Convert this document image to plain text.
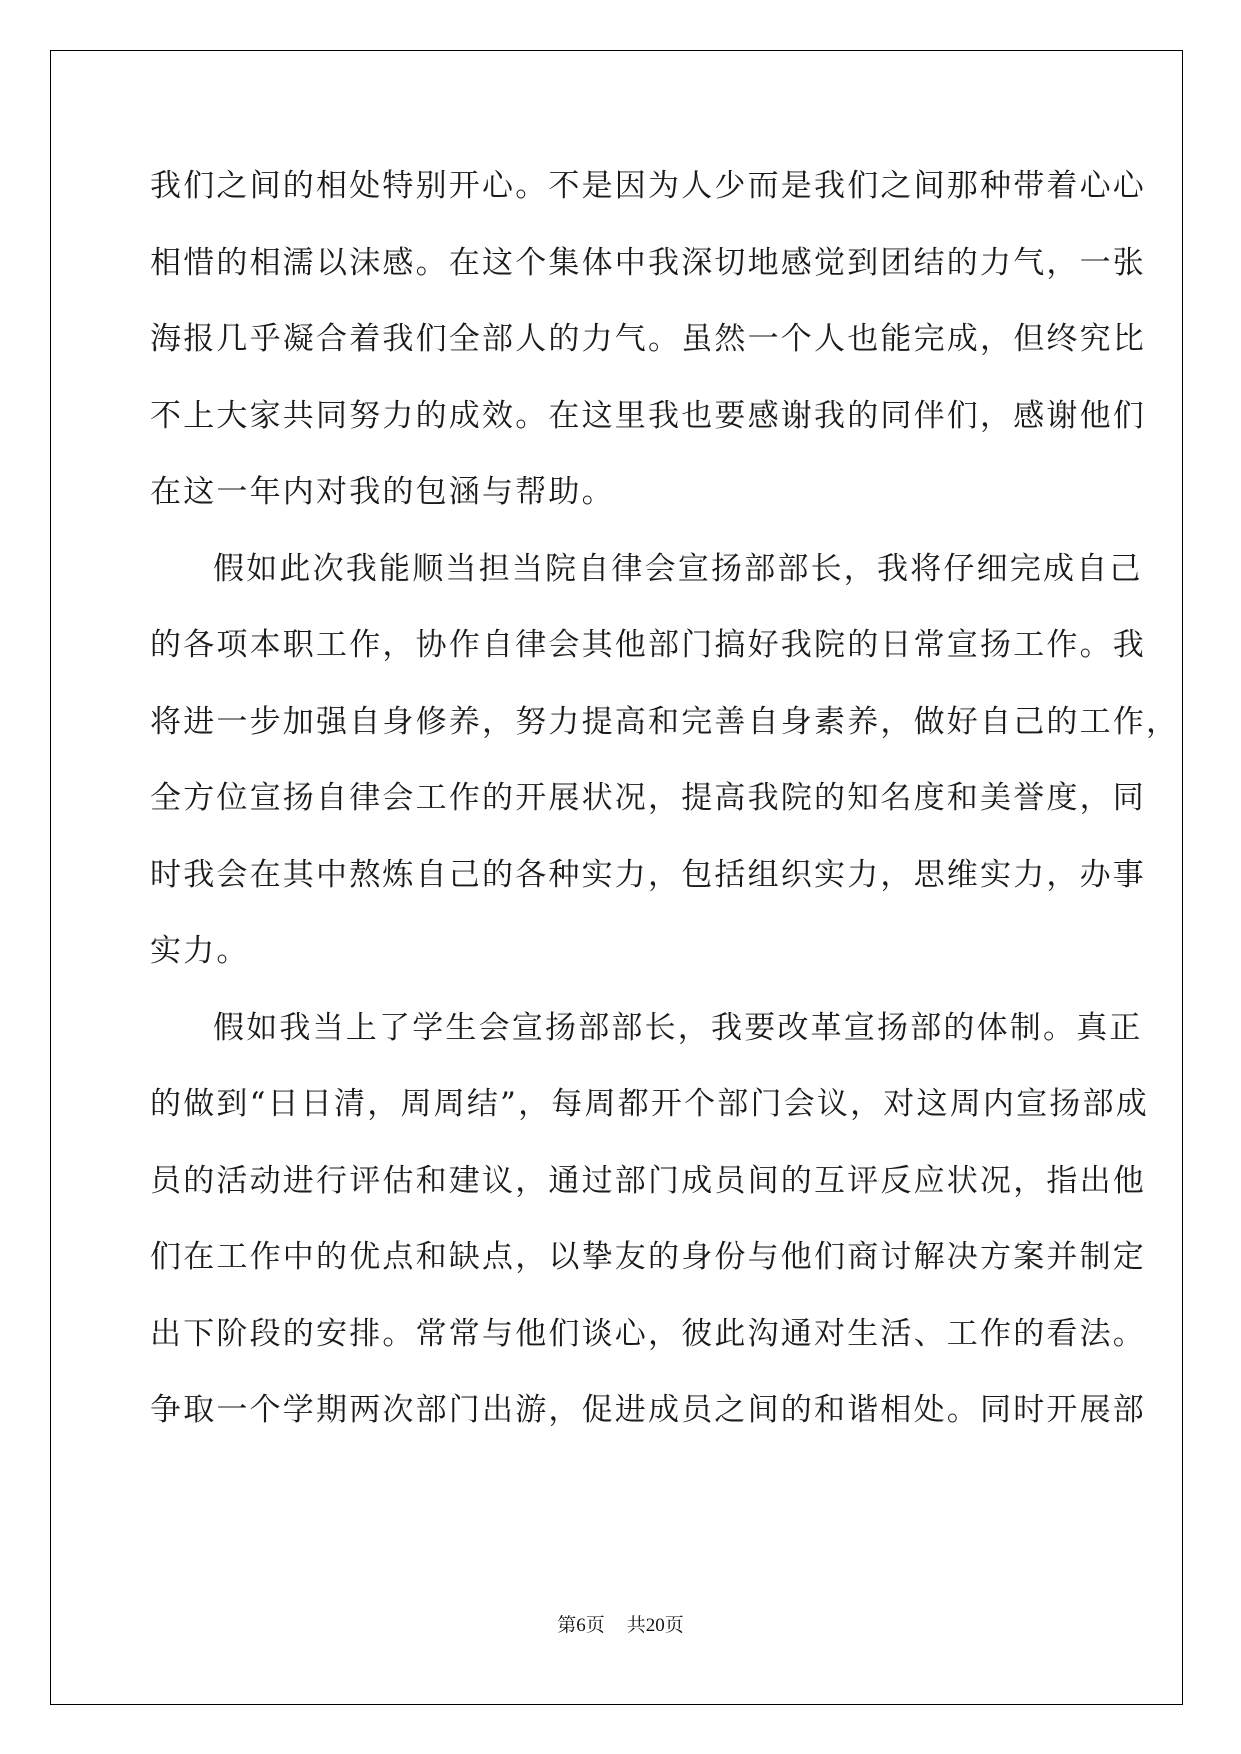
我们之间的相处特别开心。不是因为人少而是我们之间那种带着心心
相惜的相濡以沫感。在这个集体中我深切地感觉到团结的力气，一张
海报几乎凝合着我们全部人的力气。虽然一个人也能完成，但终究比
不上大家共同努力的成效。在这里我也要感谢我的同伴们，感谢他们
在这一年内对我的包涵与帮助。
假如此次我能顺当担当院自律会宣扬部部长，我将仔细完成自己
的各项本职工作，协作自律会其他部门搞好我院的日常宣扬工作。我
将进一步加强自身修养，努力提高和完善自身素养，做好自己的工作，
全方位宣扬自律会工作的开展状况，提高我院的知名度和美誉度，同
时我会在其中熬炼自己的各种实力，包括组织实力，思维实力，办事
实力。
假如我当上了学生会宣扬部部长，我要改革宣扬部的体制。真正
的做到“日日清，周周结”，每周都开个部门会议，对这周内宣扬部成
员的活动进行评估和建议，通过部门成员间的互评反应状况，指出他
们在工作中的优点和缺点，以挚友的身份与他们商讨解决方案并制定
出下阶段的安排。常常与他们谈心，彼此沟通对生活、工作的看法。
争取一个学期两次部门出游，促进成员之间的和谐相处。同时开展部
第6页 共20页
